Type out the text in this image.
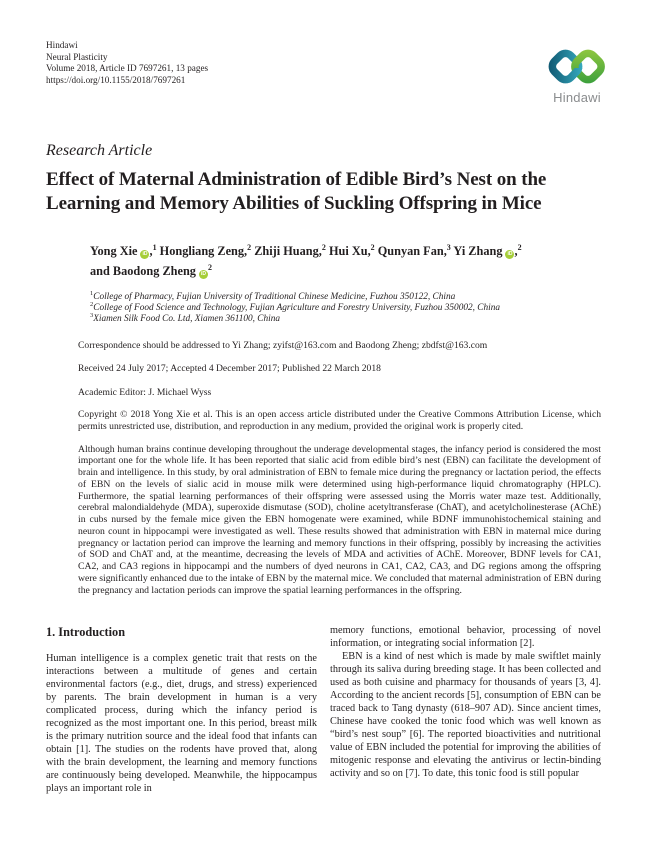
Hindawi
Neural Plasticity
Volume 2018, Article ID 7697261, 13 pages
https://doi.org/10.1155/2018/7697261
Hindawi
Research Article
Effect of Maternal Administration of Edible Bird’s Nest on the
Learning and Memory Abilities of Suckling Offspring in Mice
Yong Xie iD ,$^1$ Hongliang Zeng,$^2$ Zhiji Huang,$^2$ Hui Xu,$^2$ Qunyan Fan,$^3$ Yi Zhang iD ,$^2$ and Baodong Zheng $iD^2$
$^1$College of Pharmacy, Fujian University of Traditional Chinese Medicine, Fuzhou 350122, China
$^2$College of Food Science and Technology, Fujian Agriculture and Forestry University, Fuzhou 350002, China
$^3$Xiamen Silk Food Co. Ltd, Xiamen 361100, China
Correspondence should be addressed to Yi Zhang; zyifst@163.com and Baodong Zheng; zbdfst@163.com
Received 24 July 2017; Accepted 4 December 2017; Published 22 March 2018
Academic Editor: J. Michael Wyss
Copyright © 2018 Yong Xie et al. This is an open access article distributed under the Creative Commons Attribution License, which permits unrestricted use, distribution, and reproduction in any medium, provided the original work is properly cited.
Although human brains continue developing throughout the underage developmental stages, the infancy period is considered the most important one for the whole life. It has been reported that sialic acid from edible bird’s nest (EBN) can facilitate the development of brain and intelligence. In this study, by oral administration of EBN to female mice during the pregnancy or lactation period, the effects of EBN on the levels of sialic acid in mouse milk were determined using high-performance liquid chromatography (HPLC). Furthermore, the spatial learning performances of their offspring were assessed using the Morris water maze test. Additionally, cerebral malondialdehyde (MDA), superoxide dismutase (SOD), choline acetyltransferase (ChAT), and acetylcholinesterase (AChE) in cubs nursed by the female mice given the EBN homogenate were examined, while BDNF immunohistochemical staining and neuron count in hippocampi were investigated as well. These results showed that administration with EBN in maternal mice during pregnancy or lactation period can improve the learning and memory functions in their offspring, possibly by increasing the activities of SOD and ChAT and, at the meantime, decreasing the levels of MDA and activities of AChE. Moreover, BDNF levels for CA1, CA2, and CA3 regions in hippocampi and the numbers of dyed neurons in CA1, CA2, CA3, and DG regions among the offspring were significantly enhanced due to the intake of EBN by the maternal mice. We concluded that maternal administration of EBN during the pregnancy and lactation periods can improve the spatial learning performances in the offspring.
1. Introduction

Human intelligence is a complex genetic trait that rests on the interactions between a multitude of genes and certain environmental factors (e.g., diet, drugs, and stress) experienced by parents. The brain development in human is a very complicated process, during which the infancy period is recognized as the most important one. In this period, breast milk is the primary nutrition source and the ideal food that infants can obtain [1]. The studies on the rodents have proved that, along with the brain development, the learning and memory functions are continuously being developed. Meanwhile, the hippocampus plays an important role in

memory functions, emotional behavior, processing of novel information, or integrating social information [2].

EBN is a kind of nest which is made by male swiftlet mainly through its saliva during breeding stage. It has been collected and used as both cuisine and pharmacy for thousands of years [3, 4]. According to the ancient records [5], consumption of EBN can be traced back to Tang dynasty (618–907 AD). Since ancient times, Chinese have cooked the tonic food which was well known as “bird’s nest soup” [6]. The reported bioactivities and nutritional value of EBN included the potential for improving the abilities of mitogenic response and elevating the antivirus or lectin-binding activity and so on [7]. To date, this tonic food is still popular
